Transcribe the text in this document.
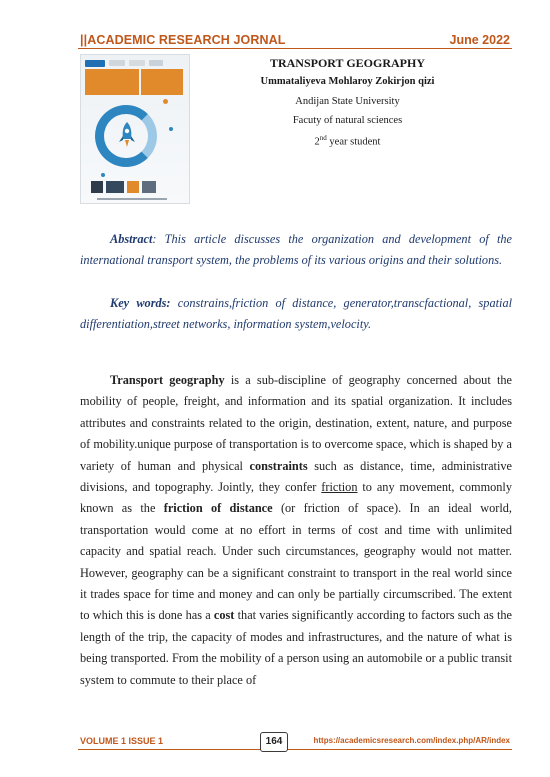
||ACADEMIC RESEARCH JORNAL	June 2022
TRANSPORT GEOGRAPHY
Ummataliyeva Mohlaroy Zokirjon qizi
Andijan State University
Facuty of natural sciences
2nd year student

Abstract: This article discusses the organization and development of the international transport system, the problems of its various origins and their solutions.

Key words: constrains,friction of distance, generator,transcfactional, spatial differentiation,street networks, information system,velocity.

Transport geography is a sub-discipline of geography concerned about the mobility of people, freight, and information and its spatial organization. It includes attributes and constraints related to the origin, destination, extent, nature, and purpose of mobility.unique purpose of transportation is to overcome space, which is shaped by a variety of human and physical constraints such as distance, time, administrative divisions, and topography. Jointly, they confer friction to any movement, commonly known as the friction of distance (or friction of space). In an ideal world, transportation would come at no effort in terms of cost and time with unlimited capacity and spatial reach. Under such circumstances, geography would not matter. However, geography can be a significant constraint to transport in the real world since it trades space for time and money and can only be partially circumscribed. The extent to which this is done has a cost that varies significantly according to factors such as the length of the trip, the capacity of modes and infrastructures, and the nature of what is being transported. From the mobility of a person using an automobile or a public transit system to commute to their place of

VOLUME 1 ISSUE 1	164	https://academicsresearch.com/index.php/AR/index
